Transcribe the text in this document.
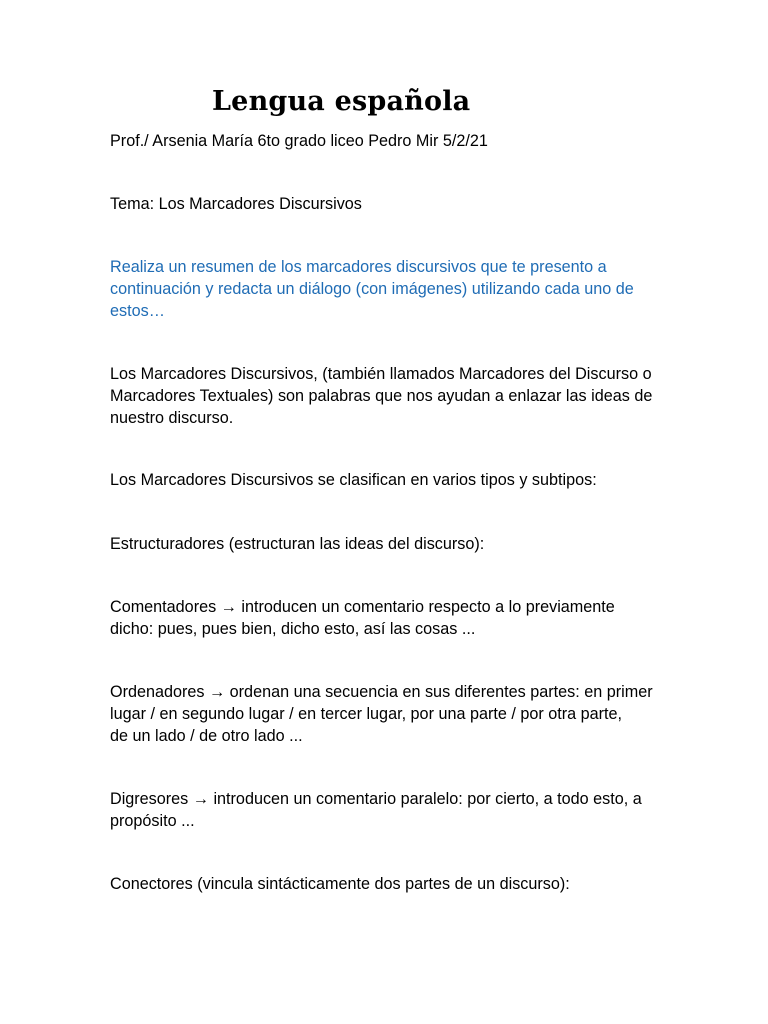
Lengua española
Prof./ Arsenia María 6to grado liceo Pedro Mir 5/2/21
Tema: Los Marcadores Discursivos
Realiza un resumen de los marcadores discursivos que te presento a
continuación y redacta un diálogo (con imágenes) utilizando cada uno de
estos…
Los Marcadores Discursivos, (también llamados Marcadores del Discurso o
Marcadores Textuales) son palabras que nos ayudan a enlazar las ideas de
nuestro discurso.
Los Marcadores Discursivos se clasifican en varios tipos y subtipos:
Estructuradores (estructuran las ideas del discurso):
Comentadores → introducen un comentario respecto a lo previamente
dicho: pues, pues bien, dicho esto, así las cosas ...
Ordenadores → ordenan una secuencia en sus diferentes partes: en primer
lugar / en segundo lugar / en tercer lugar, por una parte / por otra parte,
de un lado / de otro lado ...
Digresores → introducen un comentario paralelo: por cierto, a todo esto, a
propósito ...
Conectores (vincula sintácticamente dos partes de un discurso):
